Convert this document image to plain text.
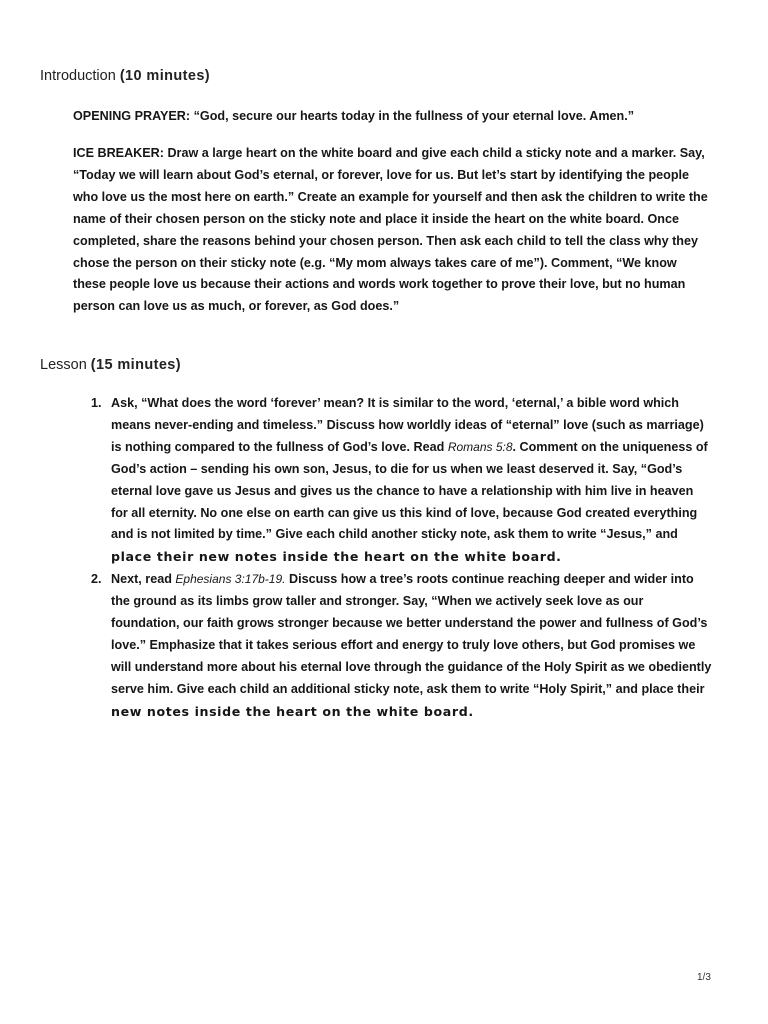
Introduction (10 minutes)

OPENING PRAYER: “God, secure our hearts today in the fullness of your eternal love. Amen.”

ICE BREAKER: Draw a large heart on the white board and give each child a sticky note and a marker. Say, “Today we will learn about God’s eternal, or forever, love for us. But let’s start by identifying the people who love us the most here on earth.” Create an example for yourself and then ask the children to write the name of their chosen person on the sticky note and place it inside the heart on the white board. Once completed, share the reasons behind your chosen person. Then ask each child to tell the class why they chose the person on their sticky note (e.g. “My mom always takes care of me”). Comment, “We know these people love us because their actions and words work together to prove their love, but no human person can love us as much, or forever, as God does.”

Lesson (15 minutes)
1. Ask, “What does the word ‘forever’ mean? It is similar to the word, ‘eternal,’ a bible word which means never-ending and timeless.” Discuss how worldly ideas of “eternal” love (such as marriage) is nothing compared to the fullness of God’s love. Read Romans 5:8. Comment on the uniqueness of God’s action – sending his own son, Jesus, to die for us when we least deserved it. Say, “God’s eternal love gave us Jesus and gives us the chance to have a relationship with him live in heaven for all eternity. No one else on earth can give us this kind of love, because God created everything and is not limited by time.” Give each child another sticky note, ask them to write “Jesus,” and place their new notes inside the heart on the white board.
2. Next, read Ephesians 3:17b-19. Discuss how a tree’s roots continue reaching deeper and wider into the ground as its limbs grow taller and stronger. Say, “When we actively seek love as our foundation, our faith grows stronger because we better understand the power and fullness of God’s love.” Emphasize that it takes serious effort and energy to truly love others, but God promises we will understand more about his eternal love through the guidance of the Holy Spirit as we obediently serve him. Give each child an additional sticky note, ask them to write “Holy Spirit,” and place their new notes inside the heart on the white board.
1/3
